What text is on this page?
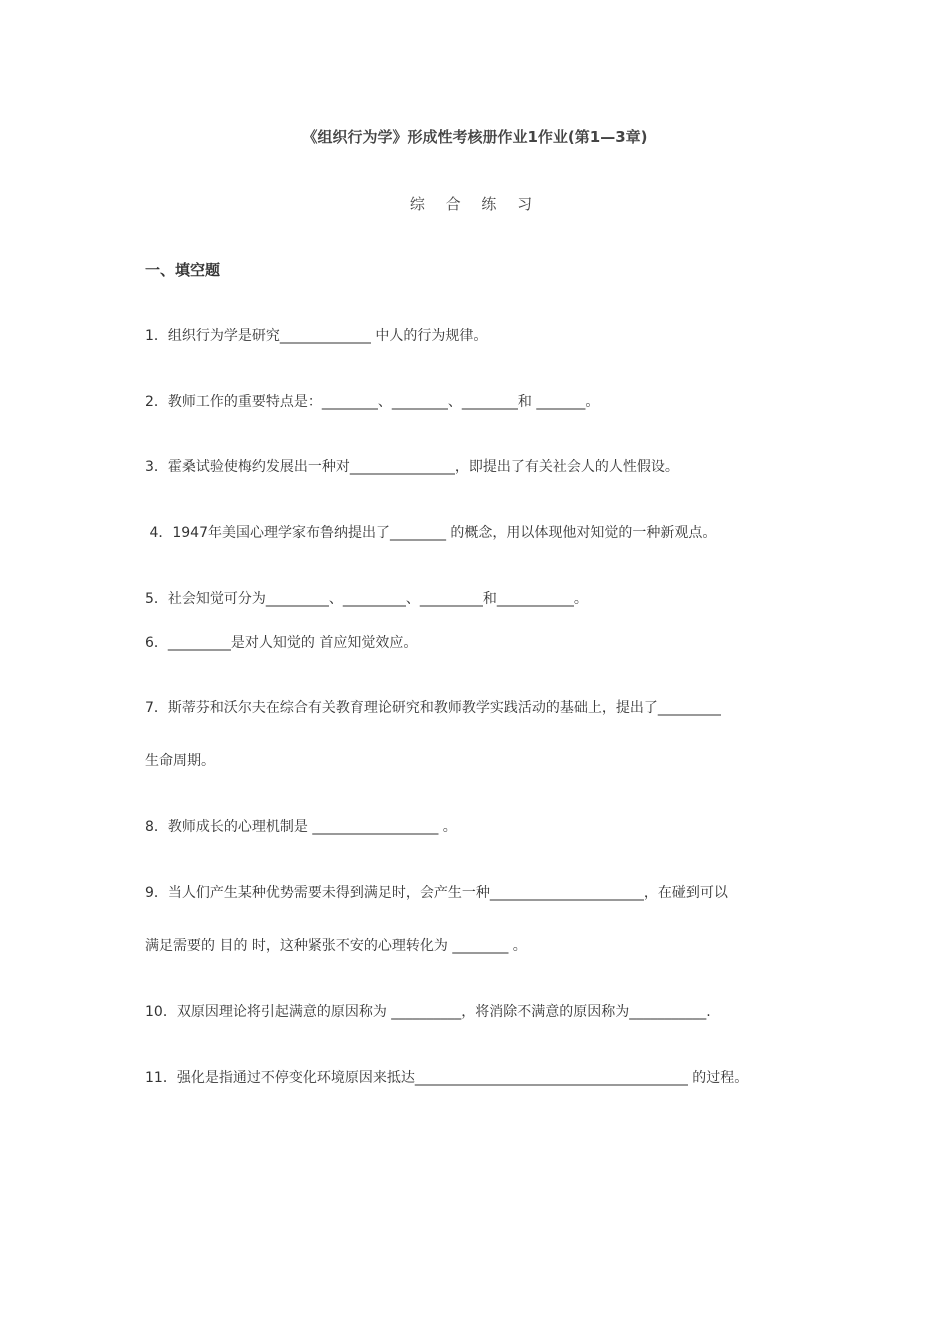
《组织行为学》形成性考核册作业1作业(第1—3章)
综 合 练 习
一、填空题
1．组织行为学是研究_____________ 中人的行为规律。
2．教师工作的重要特点是：________、________、________和 _______。
3．霍桑试验使梅约发展出一种对_______________，即提出了有关社会人的人性假设。
4．1947年美国心理学家布鲁纳提出了________ 的概念，用以体现他对知觉的一种新观点。
5．社会知觉可分为_________、_________、_________和___________。
6．_________是对人知觉的 首应知觉效应。
7．斯蒂芬和沃尔夫在综合有关教育理论研究和教师教学实践活动的基础上，提出了_________
生命周期。
8．教师成长的心理机制是 __________________ 。
9．当人们产生某种优势需要未得到满足时，会产生一种______________________，在碰到可以
满足需要的 目的 时，这种紧张不安的心理转化为 ________ 。
10．双原因理论将引起满意的原因称为 __________，将消除不满意的原因称为___________.
11．强化是指通过不停变化环境原因来抵达_______________________________________ 的过程。
